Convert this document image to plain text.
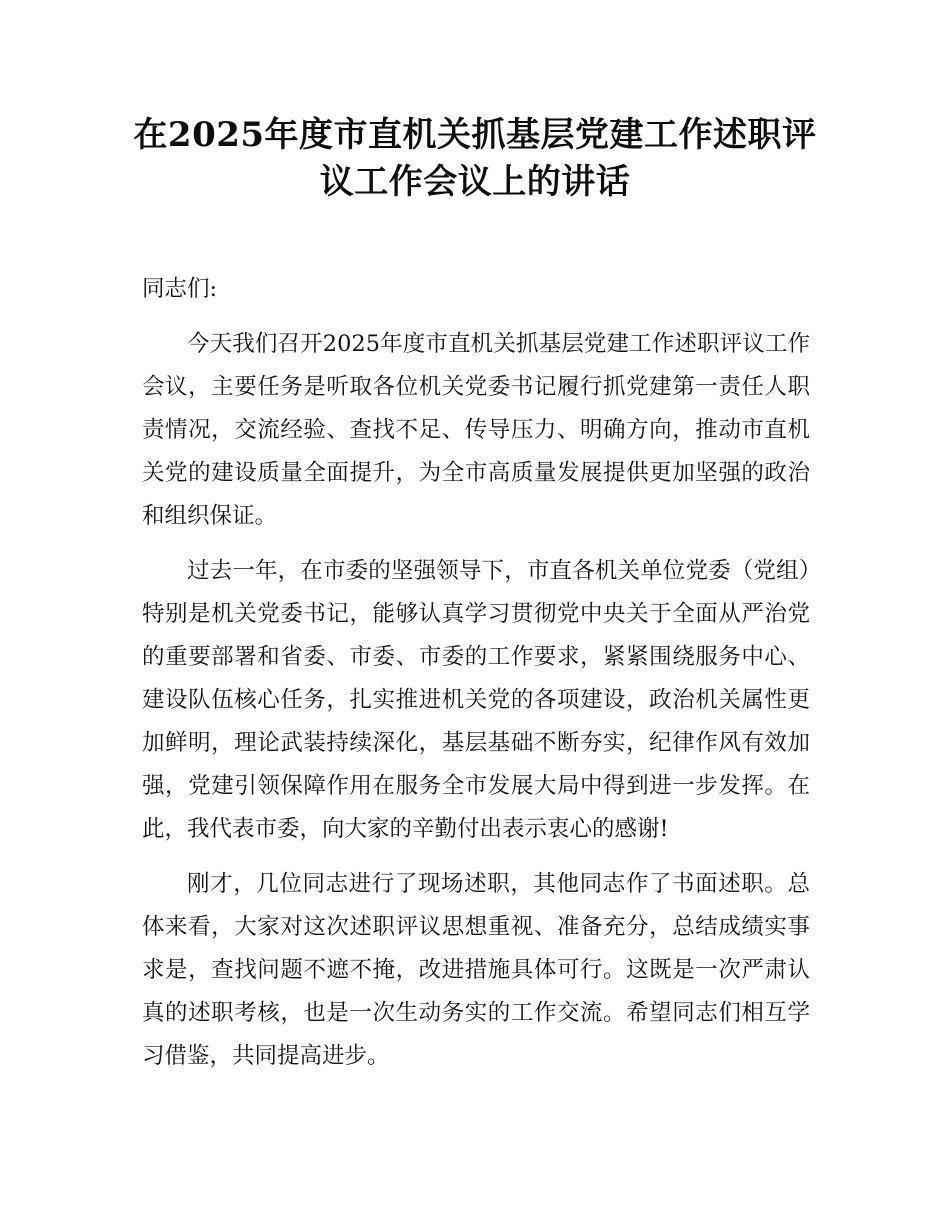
在2025年度市直机关抓基层党建工作述职评议工作会议上的讲话

同志们:

今天我们召开2025年度市直机关抓基层党建工作述职评议工作会议，主要任务是听取各位机关党委书记履行抓党建第一责任人职责情况，交流经验、查找不足、传导压力、明确方向，推动市直机关党的建设质量全面提升，为全市高质量发展提供更加坚强的政治和组织保证。

过去一年，在市委的坚强领导下，市直各机关单位党委（党组）特别是机关党委书记，能够认真学习贯彻党中央关于全面从严治党的重要部署和省委、市委、市委的工作要求，紧紧围绕服务中心、建设队伍核心任务，扎实推进机关党的各项建设，政治机关属性更加鲜明，理论武装持续深化，基层基础不断夯实，纪律作风有效加强，党建引领保障作用在服务全市发展大局中得到进一步发挥。在此，我代表市委，向大家的辛勤付出表示衷心的感谢!

刚才，几位同志进行了现场述职，其他同志作了书面述职。总体来看，大家对这次述职评议思想重视、准备充分，总结成绩实事求是，查找问题不遮不掩，改进措施具体可行。这既是一次严肃认真的述职考核，也是一次生动务实的工作交流。希望同志们相互学习借鉴，共同提高进步。
